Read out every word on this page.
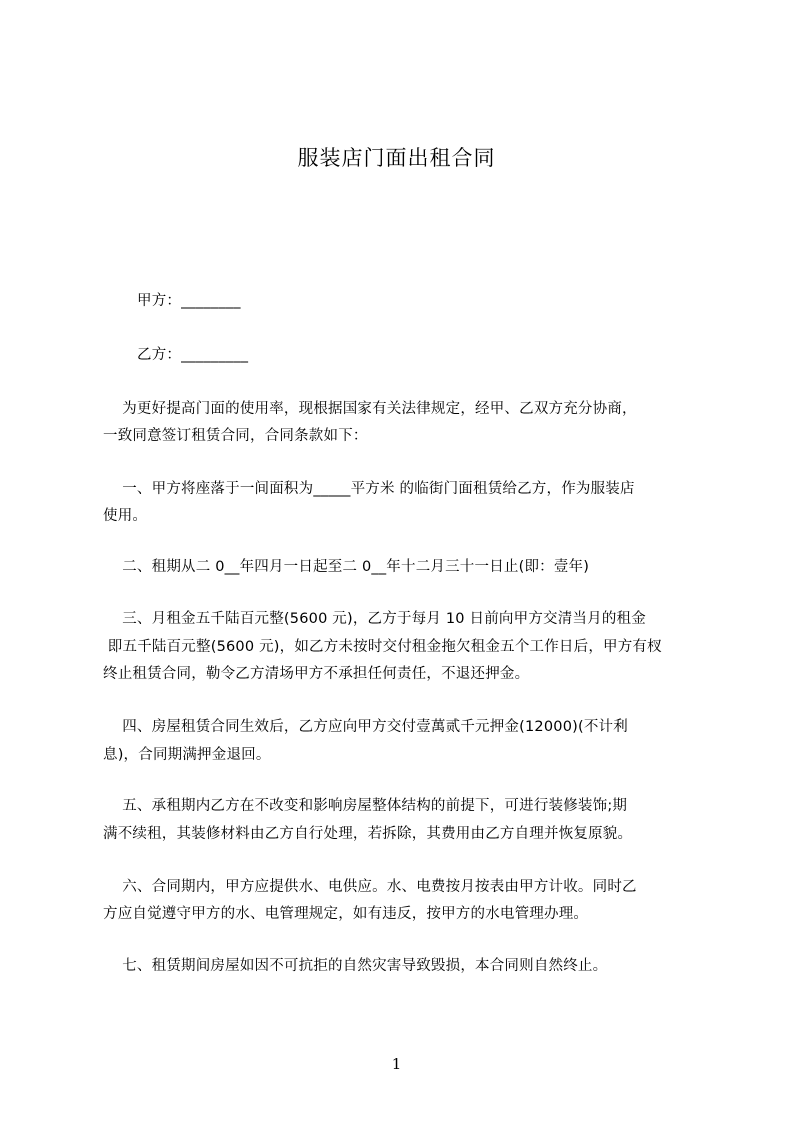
服装店门面出租合同
甲方：________
乙方：_________
为更好提高门面的使用率，现根据国家有关法律规定，经甲、乙双方充分协商，
一致同意签订租赁合同，合同条款如下：
一、甲方将座落于一间面积为_____平方米 的临街门面租赁给乙方，作为服装店
使用。
二、租期从二 0__年四月一日起至二 0__年十二月三十一日止(即：壹年)
三、月租金五千陆百元整(5600 元)，乙方于每月 10 日前向甲方交清当月的租金
即五千陆百元整(5600 元)，如乙方未按时交付租金拖欠租金五个工作日后，甲方有杈
终止租赁合同，勒令乙方清场甲方不承担任何责任，不退还押金。
四、房屋租赁合同生效后，乙方应向甲方交付壹萬贰千元押金(12000)(不计利
息)，合同期满押金退回。
五、承租期内乙方在不改变和影响房屋整体结构的前提下，可进行装修装饰;期
满不续租，其装修材料由乙方自行处理，若拆除，其费用由乙方自理并恢复原貌。
六、合同期内，甲方应提供水、电供应。水、电费按月按表由甲方计收。同时乙
方应自觉遵守甲方的水、电管理规定，如有违反，按甲方的水电管理办理。
七、租赁期间房屋如因不可抗拒的自然灾害导致毁损，本合同则自然终止。
1
